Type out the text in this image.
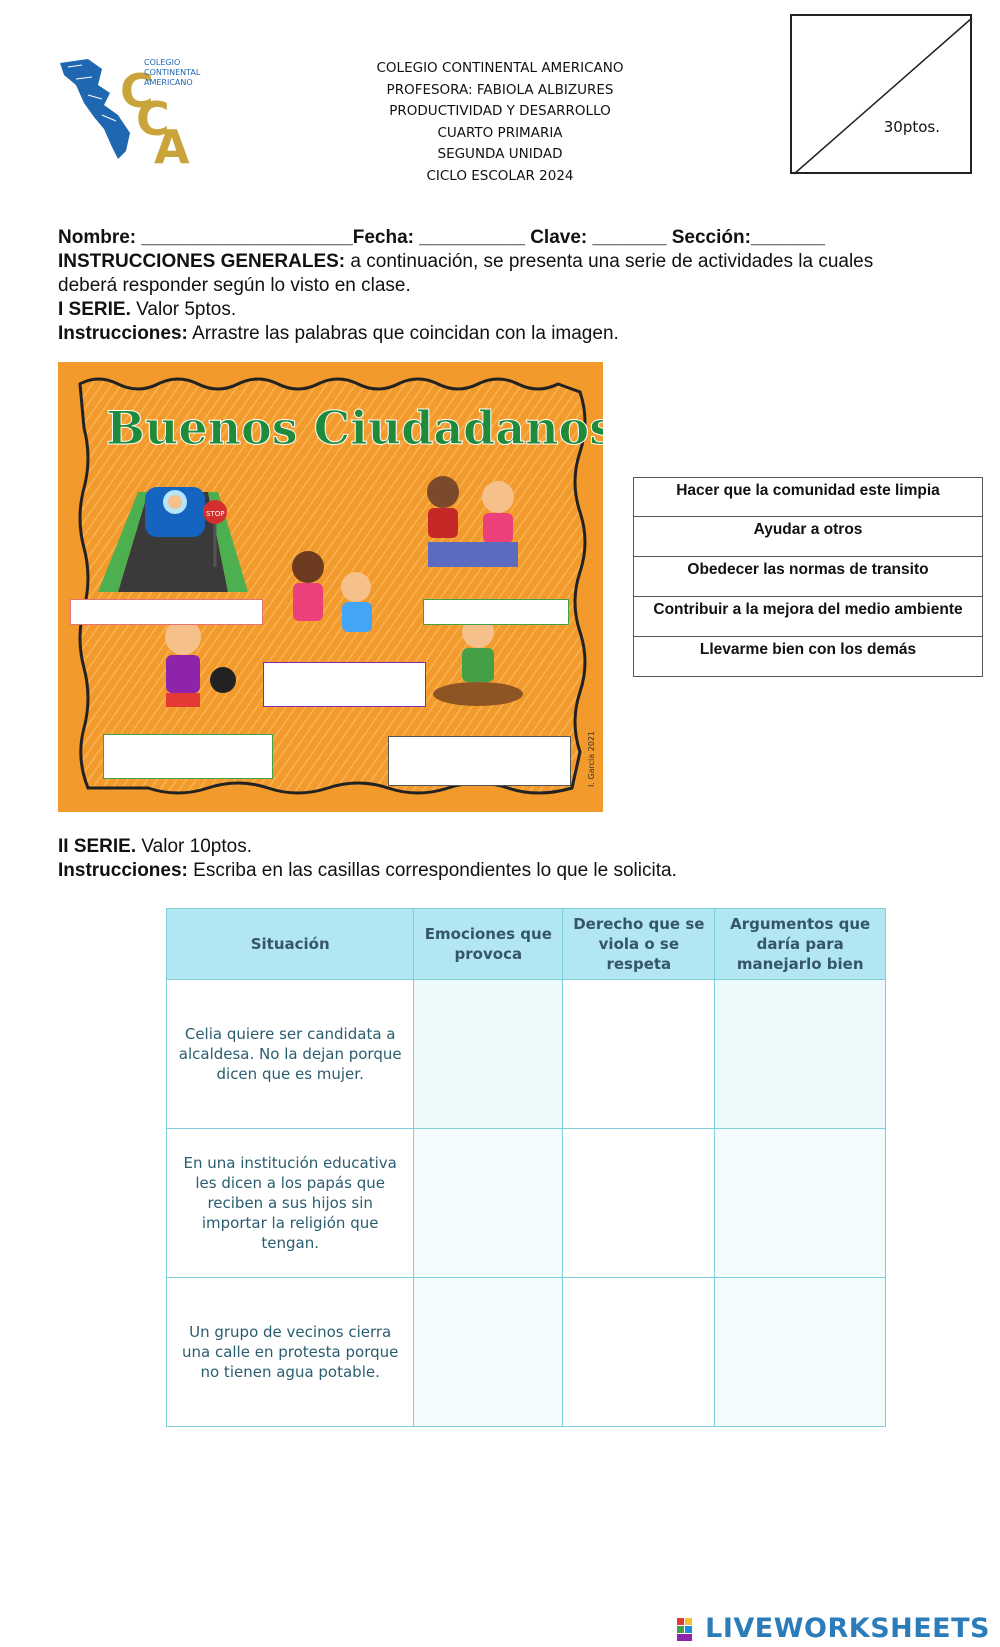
C
C
A
COLEGIO
CONTINENTAL
AMERICANO
COLEGIO CONTINENTAL AMERICANO
PROFESORA: FABIOLA ALBIZURES
PRODUCTIVIDAD Y DESARROLLO
CUARTO PRIMARIA
SEGUNDA UNIDAD
CICLO ESCOLAR 2024
30ptos.
Nombre: ____________________Fecha: __________ Clave: _______ Sección:_______
INSTRUCCIONES GENERALES: a continuación, se presenta una serie de actividades la cuales
deberá responder según lo visto en clase.
I SERIE. Valor 5ptos.
Instrucciones: Arrastre las palabras que coincidan con la imagen.
Buenos Ciudadanos
STOP
I. Garcia 2021
Hacer que la comunidad este limpia
Ayudar a otros
Obedecer las normas de transito
Contribuir a la mejora del medio ambiente
Llevarme bien con los demás
II SERIE. Valor 10ptos.
Instrucciones: Escriba en las casillas correspondientes lo que le solicita.
Situación	Emociones que provoca	Derecho que se viola o se respeta	Argumentos que daría para manejarlo bien
Celia quiere ser candidata a alcaldesa. No la dejan porque dicen que es mujer.			
En una institución educativa les dicen a los papás que reciben a sus hijos sin importar la religión que tengan.			
Un grupo de vecinos cierra una calle en protesta porque no tienen agua potable.			
LIVEWORKSHEETS
